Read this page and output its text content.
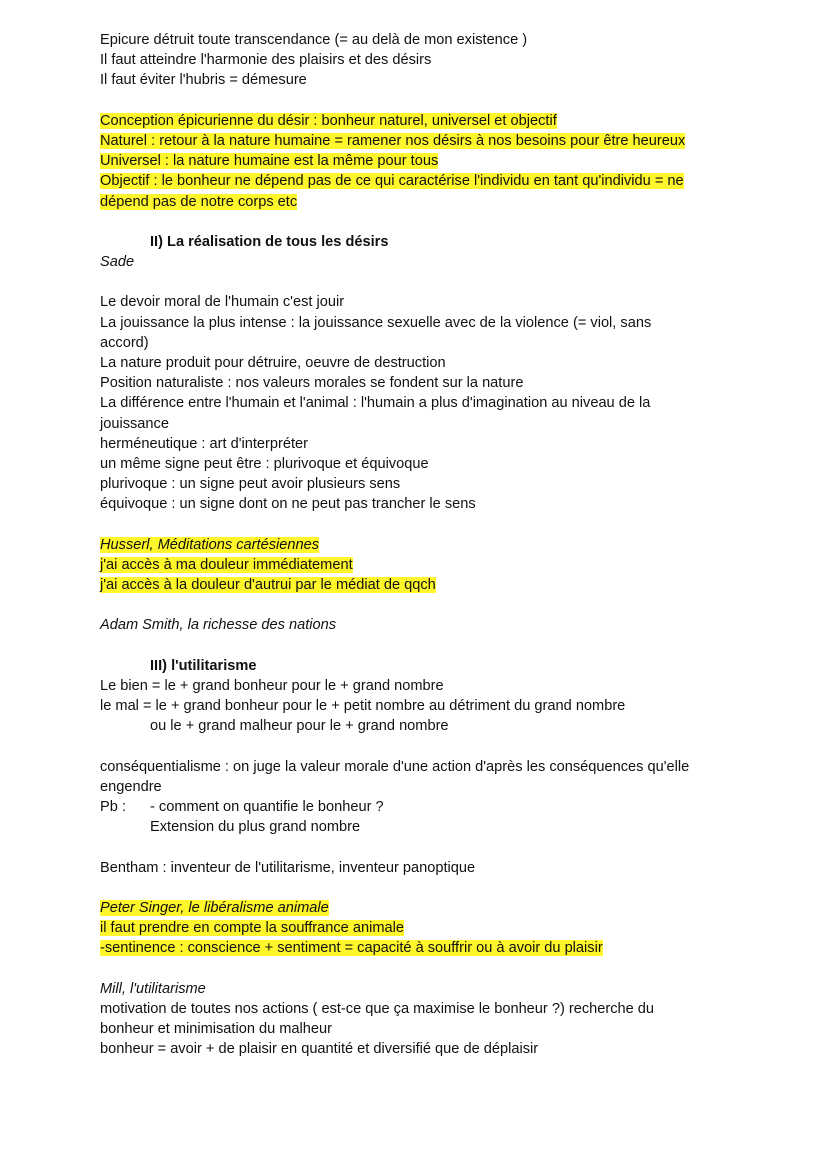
Epicure détruit toute transcendance (= au delà de mon existence )
Il faut atteindre l'harmonie des plaisirs et des désirs
Il faut éviter l'hubris = démesure
Conception épicurienne du désir : bonheur naturel, universel et objectif
Naturel : retour à la nature humaine = ramener nos désirs à nos besoins pour être heureux
Universel : la nature humaine est la même pour tous
Objectif : le bonheur ne dépend pas de ce qui caractérise l'individu en tant qu'individu = ne
dépend pas de notre corps etc
II) La réalisation de tous les désirs
Sade
Le devoir moral de l'humain c'est jouir
La jouissance la plus intense : la jouissance sexuelle avec de la violence (= viol, sans
accord)
La nature produit pour détruire, oeuvre de destruction
Position naturaliste : nos valeurs morales se fondent sur la nature
La différence entre l'humain et l'animal : l'humain a plus d'imagination au niveau de la
jouissance
herméneutique : art d'interpréter
un même signe peut être : plurivoque et équivoque
plurivoque : un signe peut avoir plusieurs sens
équivoque : un signe dont on ne peut pas trancher le sens
Husserl, Méditations cartésiennes
j'ai accès à ma douleur immédiatement
j'ai accès à la douleur d'autrui par le médiat de qqch
Adam Smith, la richesse des nations
III) l'utilitarisme
Le bien = le + grand bonheur pour le + grand nombre
le mal = le + grand bonheur pour le + petit nombre au détriment du grand nombre
ou le + grand malheur pour le + grand nombre
conséquentialisme : on juge la valeur morale d'une action d'après les conséquences qu'elle
engendre
Pb :	- comment on quantifie le bonheur ?
Extension du plus grand nombre
Bentham : inventeur de l'utilitarisme, inventeur panoptique
Peter Singer, le libéralisme animale
il faut prendre en compte la souffrance animale
-sentinence : conscience + sentiment = capacité à souffrir ou à avoir du plaisir
Mill, l'utilitarisme
motivation de toutes nos actions ( est-ce que ça maximise le bonheur ?) recherche du
bonheur et minimisation du malheur
bonheur = avoir + de plaisir en quantité et diversifié que de déplaisir
